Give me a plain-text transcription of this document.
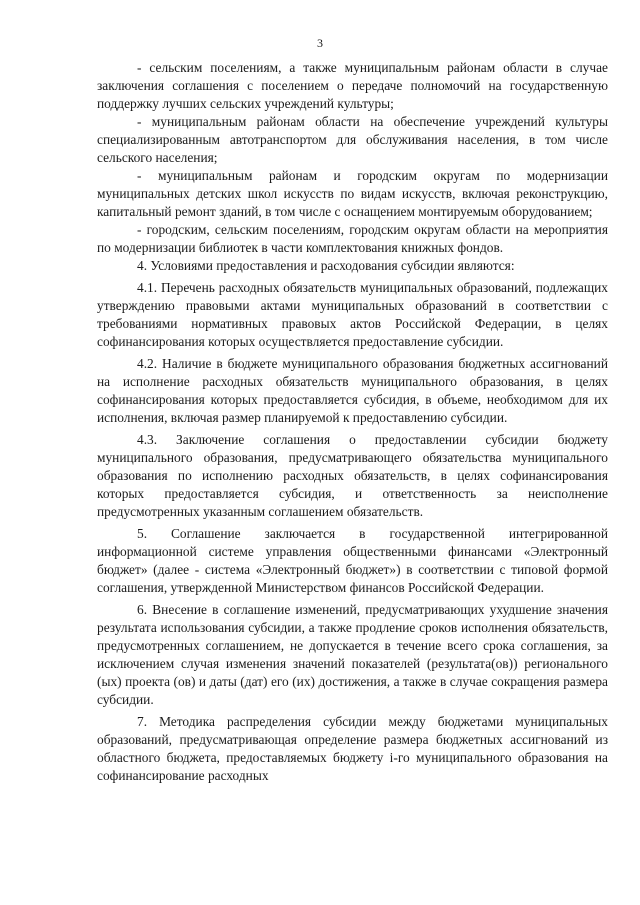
3

- сельским поселениям, а также муниципальным районам области в случае заключения соглашения с поселением о передаче полномочий на государственную поддержку лучших сельских учреждений культуры;

- муниципальным районам области на обеспечение учреждений культуры специализированным автотранспортом для обслуживания населения, в том числе сельского населения;

- муниципальным районам и городским округам по модернизации муниципальных детских школ искусств по видам искусств, включая реконструкцию, капитальный ремонт зданий, в том числе с оснащением монтируемым оборудованием;

- городским, сельским поселениям, городским округам области на мероприятия по модернизации библиотек в части комплектования книжных фондов.

4. Условиями предоставления и расходования субсидии являются:

4.1. Перечень расходных обязательств муниципальных образований, подлежащих утверждению правовыми актами муниципальных образований в соответствии с требованиями нормативных правовых актов Российской Федерации, в целях софинансирования которых осуществляется предоставление субсидии.

4.2. Наличие в бюджете муниципального образования бюджетных ассигнований на исполнение расходных обязательств муниципального образования, в целях софинансирования которых предоставляется субсидия, в объеме, необходимом для их исполнения, включая размер планируемой к предоставлению субсидии.

4.3. Заключение соглашения о предоставлении субсидии бюджету муниципального образования, предусматривающего обязательства муниципального образования по исполнению расходных обязательств, в целях софинансирования которых предоставляется субсидия, и ответственность за неисполнение предусмотренных указанным соглашением обязательств.

5. Соглашение заключается в государственной интегрированной информационной системе управления общественными финансами «Электронный бюджет» (далее - система «Электронный бюджет») в соответствии с типовой формой соглашения, утвержденной Министерством финансов Российской Федерации.

6. Внесение в соглашение изменений, предусматривающих ухудшение значения результата использования субсидии, а также продление сроков исполнения обязательств, предусмотренных соглашением, не допускается в течение всего срока соглашения, за исключением случая изменения значений показателей (результата(ов)) регионального (ых) проекта (ов) и даты (дат) его (их) достижения, а также в случае сокращения размера субсидии.

7. Методика распределения субсидии между бюджетами муниципальных образований, предусматривающая определение размера бюджетных ассигнований из областного бюджета, предоставляемых бюджету i-го муниципального образования на софинансирование расходных
